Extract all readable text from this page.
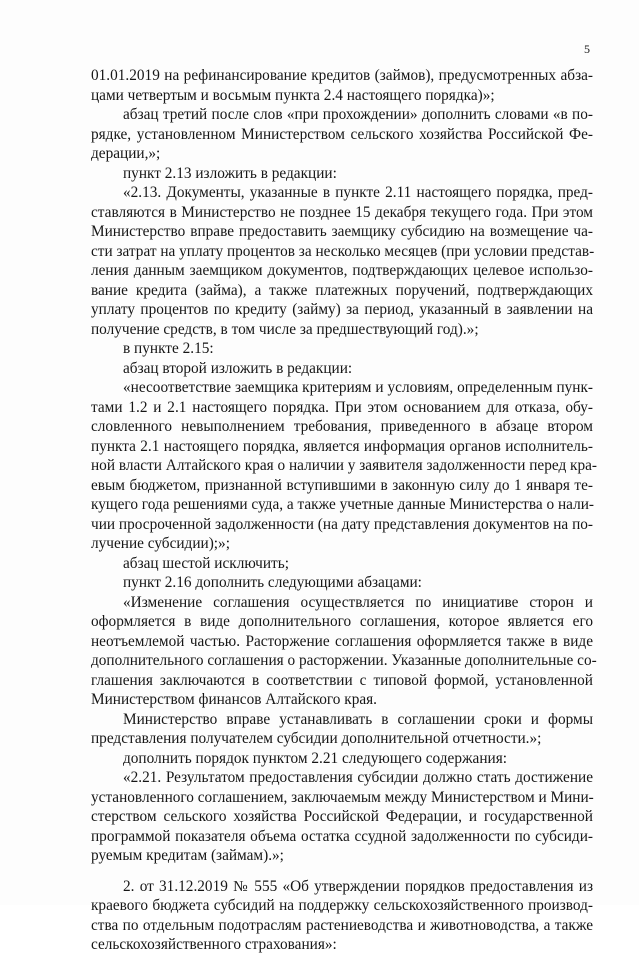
5
01.01.2019 на рефинансирование кредитов (займов), предусмотренных абза-
цами четвертым и восьмым пункта 2.4 настоящего порядка)»;
абзац третий после слов «при прохождении» дополнить словами «в по-
рядке, установленном Министерством сельского хозяйства Российской Фе-
дерации,»;
пункт 2.13 изложить в редакции:
«2.13. Документы, указанные в пункте 2.11 настоящего порядка, пред-
ставляются в Министерство не позднее 15 декабря текущего года. При этом
Министерство вправе предоставить заемщику субсидию на возмещение ча-
сти затрат на уплату процентов за несколько месяцев (при условии представ-
ления данным заемщиком документов, подтверждающих целевое использо-
вание кредита (займа), а также платежных поручений, подтверждающих
уплату процентов по кредиту (займу) за период, указанный в заявлении на
получение средств, в том числе за предшествующий год).»;
в пункте 2.15:
абзац второй изложить в редакции:
«несоответствие заемщика критериям и условиям, определенным пунк-
тами 1.2 и 2.1 настоящего порядка. При этом основанием для отказа, обу-
словленного невыполнением требования, приведенного в абзаце втором
пункта 2.1 настоящего порядка, является информация органов исполнитель-
ной власти Алтайского края о наличии у заявителя задолженности перед кра-
евым бюджетом, признанной вступившими в законную силу до 1 января те-
кущего года решениями суда, а также учетные данные Министерства о нали-
чии просроченной задолженности (на дату представления документов на по-
лучение субсидии);»;
абзац шестой исключить;
пункт 2.16 дополнить следующими абзацами:
«Изменение соглашения осуществляется по инициативе сторон и
оформляется в виде дополнительного соглашения, которое является его
неотъемлемой частью. Расторжение соглашения оформляется также в виде
дополнительного соглашения о расторжении. Указанные дополнительные со-
глашения заключаются в соответствии с типовой формой, установленной
Министерством финансов Алтайского края.
Министерство вправе устанавливать в соглашении сроки и формы
представления получателем субсидии дополнительной отчетности.»;
дополнить порядок пунктом 2.21 следующего содержания:
«2.21. Результатом предоставления субсидии должно стать достижение
установленного соглашением, заключаемым между Министерством и Мини-
стерством сельского хозяйства Российской Федерации, и государственной
программой показателя объема остатка ссудной задолженности по субсиди-
руемым кредитам (займам).»;
2. от 31.12.2019 № 555 «Об утверждении порядков предоставления из
краевого бюджета субсидий на поддержку сельскохозяйственного производ-
ства по отдельным подотраслям растениеводства и животноводства, а также
сельскохозяйственного страхования»:
